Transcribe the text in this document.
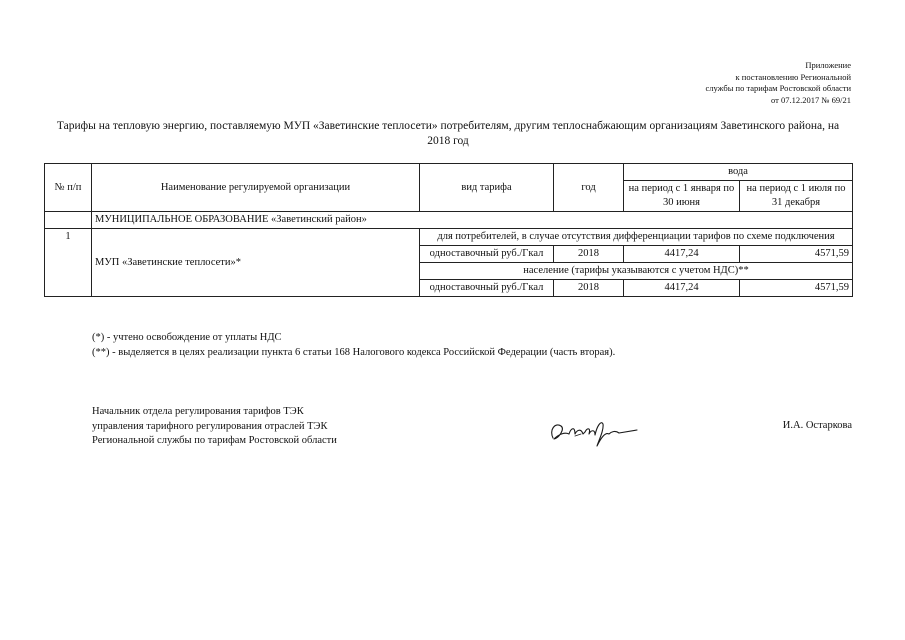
Приложение
к постановлению Региональной
службы по тарифам Ростовской области
от 07.12.2017 № 69/21
Тарифы на тепловую энергию, поставляемую МУП «Заветинские теплосети» потребителям, другим теплоснабжающим организациям Заветинского района, на 2018 год
№ п/п	Наименование регулируемой организации	вид тарифа	год	вода	
				на период с 1 января по 30 июня	на период с 1 июля по 31 декабря
	МУНИЦИПАЛЬНОЕ ОБРАЗОВАНИЕ «Заветинский район»				
1	МУП «Заветинские теплосети»*	для потребителей, в случае отсутствия дифференциации тарифов по схеме подключения			
		одноставочный руб./Гкал	2018	4417,24	4571,59
		население (тарифы указываются с учетом НДС)**			
		одноставочный руб./Гкал	2018	4417,24	4571,59
(*) - учтено освобождение от уплаты НДС
(**) - выделяется в целях реализации пункта 6 статьи 168 Налогового кодекса Российской Федерации (часть вторая).
Начальник отдела регулирования тарифов ТЭК
управления тарифного регулирования отраслей ТЭК
Региональной службы по тарифам Ростовской области
И.А. Остаркова
